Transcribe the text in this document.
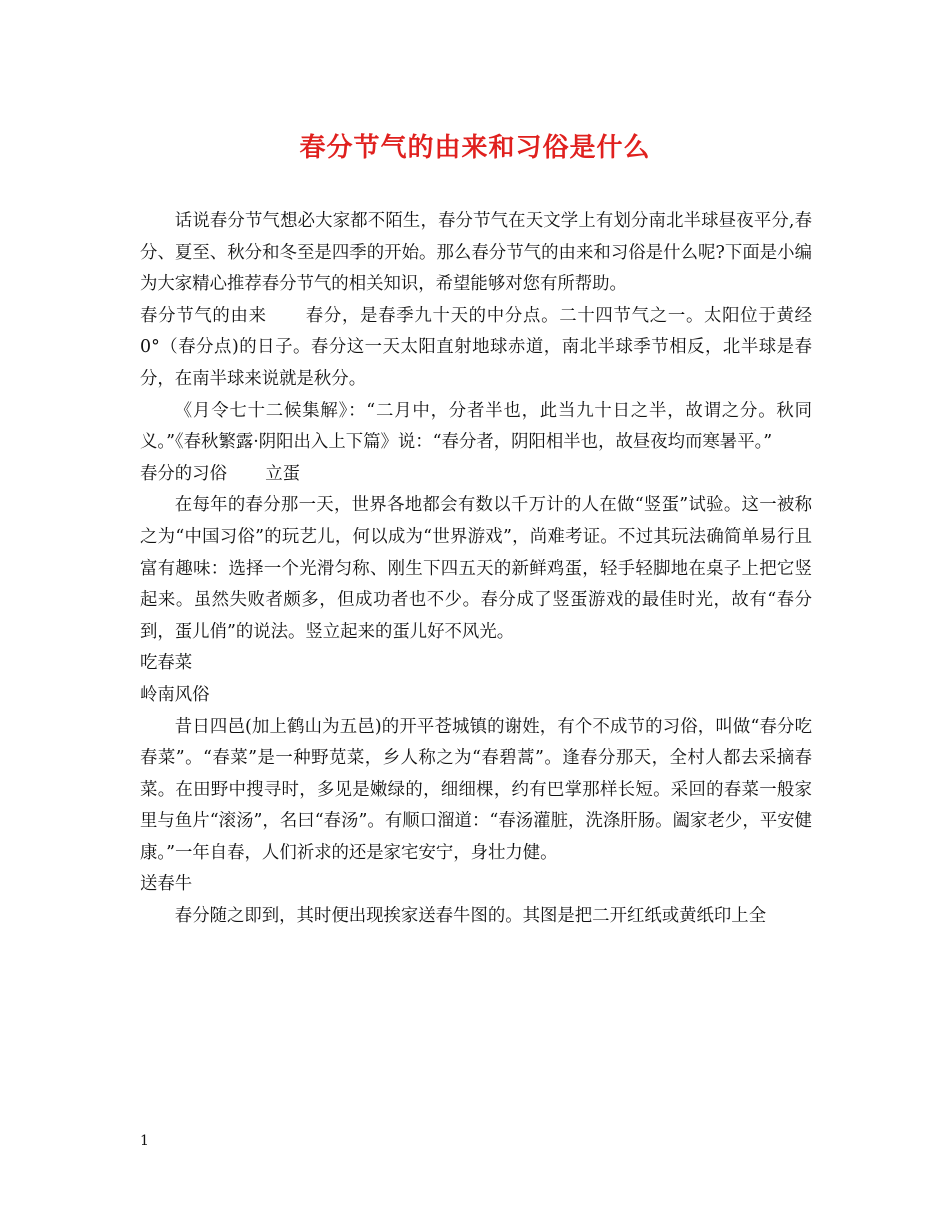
春分节气的由来和习俗是什么

话说春分节气想必大家都不陌生，春分节气在天文学上有划分南北半球昼夜平分,春分、夏至、秋分和冬至是四季的开始。那么春分节气的由来和习俗是什么呢?下面是小编为大家精心推荐春分节气的相关知识，希望能够对您有所帮助。

春分节气的由来 春分，是春季九十天的中分点。二十四节气之一。太阳位于黄经 0°（春分点)的日子。春分这一天太阳直射地球赤道，南北半球季节相反，北半球是春分，在南半球来说就是秋分。

《月令七十二候集解》：“二月中，分者半也，此当九十日之半，故谓之分。秋同义。”《春秋繁露·阴阳出入上下篇》说：“春分者，阴阳相半也，故昼夜均而寒暑平。”

春分的习俗 立蛋

在每年的春分那一天，世界各地都会有数以千万计的人在做“竖蛋”试验。这一被称之为“中国习俗”的玩艺儿，何以成为“世界游戏”，尚难考证。不过其玩法确简单易行且富有趣味：选择一个光滑匀称、刚生下四五天的新鲜鸡蛋，轻手轻脚地在桌子上把它竖起来。虽然失败者颇多，但成功者也不少。春分成了竖蛋游戏的最佳时光，故有“春分到，蛋儿俏”的说法。竖立起来的蛋儿好不风光。

吃春菜

岭南风俗

昔日四邑(加上鹤山为五邑)的开平苍城镇的谢姓，有个不成节的习俗，叫做“春分吃春菜”。“春菜”是一种野苋菜，乡人称之为“春碧蒿”。逢春分那天，全村人都去采摘春菜。在田野中搜寻时，多见是嫩绿的，细细棵，约有巴掌那样长短。采回的春菜一般家里与鱼片“滚汤”，名曰“春汤”。有顺口溜道：“春汤灌脏，洗涤肝肠。阖家老少，平安健康。”一年自春，人们祈求的还是家宅安宁，身壮力健。

送春牛

春分随之即到，其时便出现挨家送春牛图的。其图是把二开红纸或黄纸印上全

1
